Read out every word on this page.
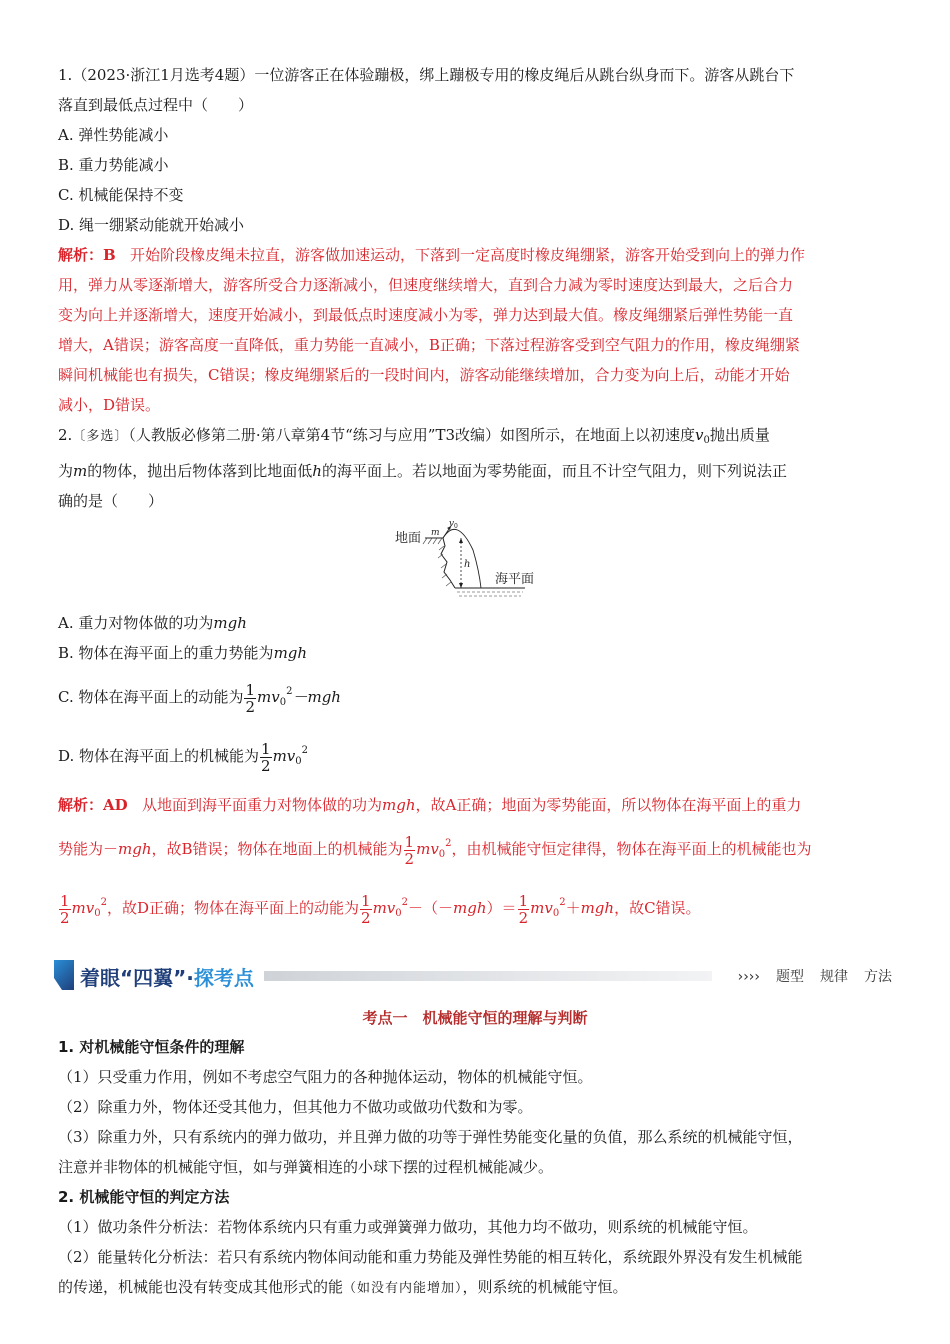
1.（2023·浙江1月选考4题）一位游客正在体验蹦极，绑上蹦极专用的橡皮绳后从跳台纵身而下。游客从跳台下

落直到最低点过程中（　　）

A. 弹性势能减小

B. 重力势能减小

C. 机械能保持不变

D. 绳一绷紧动能就开始减小

解析：B 开始阶段橡皮绳未拉直，游客做加速运动，下落到一定高度时橡皮绳绷紧，游客开始受到向上的弹力作

用，弹力从零逐渐增大，游客所受合力逐渐减小，但速度继续增大，直到合力减为零时速度达到最大，之后合力

变为向上并逐渐增大，速度开始减小，到最低点时速度减小为零，弹力达到最大值。橡皮绳绷紧后弹性势能一直

增大，A错误；游客高度一直降低，重力势能一直减小，B正确；下落过程游客受到空气阻力的作用，橡皮绳绷紧

瞬间机械能也有损失，C错误；橡皮绳绷紧后的一段时间内，游客动能继续增加，合力变为向上后，动能才开始

减小，D错误。

2.〔多选〕（人教版必修第二册·第八章第4节“练习与应用”T3改编）如图所示，在地面上以初速度$v_0$抛出质量

为m的物体，抛出后物体落到比地面低h的海平面上。若以地面为零势能面，而且不计空气阻力，则下列说法正

确的是（　　）

地面
海平面
v 0
m
h

A. 重力对物体做的功为mgh

B. 物体在海平面上的重力势能为mgh

C. 物体在海平面上的动能为 $\frac{1}{2} mv_0^2-mgh$

D. 物体在海平面上的机械能为 $\frac{1}{2} mv_0^2$

解析：AD 从地面到海平面重力对物体做的功为mgh，故A正确；地面为零势能面，所以物体在海平面上的重力

势能为－mgh，故B错误；物体在地面上的机械能为 $\frac{1}{2} mv_0^2$，由机械能守恒定律得，物体在海平面上的机械能也为

$\frac{1}{2} mv_0^2$，故D正确；物体在海平面上的动能为 $\frac{1}{2} mv_0^2-(-mgh)= \frac{1}{2} mv_0^2+mgh$，故C错误。

着眼“四翼”·探考点	›››› 题型 规律 方法

考点一　机械能守恒的理解与判断

1. 对机械能守恒条件的理解

（1）只受重力作用，例如不考虑空气阻力的各种抛体运动，物体的机械能守恒。

（2）除重力外，物体还受其他力，但其他力不做功或做功代数和为零。

（3）除重力外，只有系统内的弹力做功，并且弹力做的功等于弹性势能变化量的负值，那么系统的机械能守恒，

注意并非物体的机械能守恒，如与弹簧相连的小球下摆的过程机械能减少。

2. 机械能守恒的判定方法

（1）做功条件分析法：若物体系统内只有重力或弹簧弹力做功，其他力均不做功，则系统的机械能守恒。

（2）能量转化分析法：若只有系统内物体间动能和重力势能及弹性势能的相互转化，系统跟外界没有发生机械能

的传递，机械能也没有转变成其他形式的能（如没有内能增加），则系统的机械能守恒。
